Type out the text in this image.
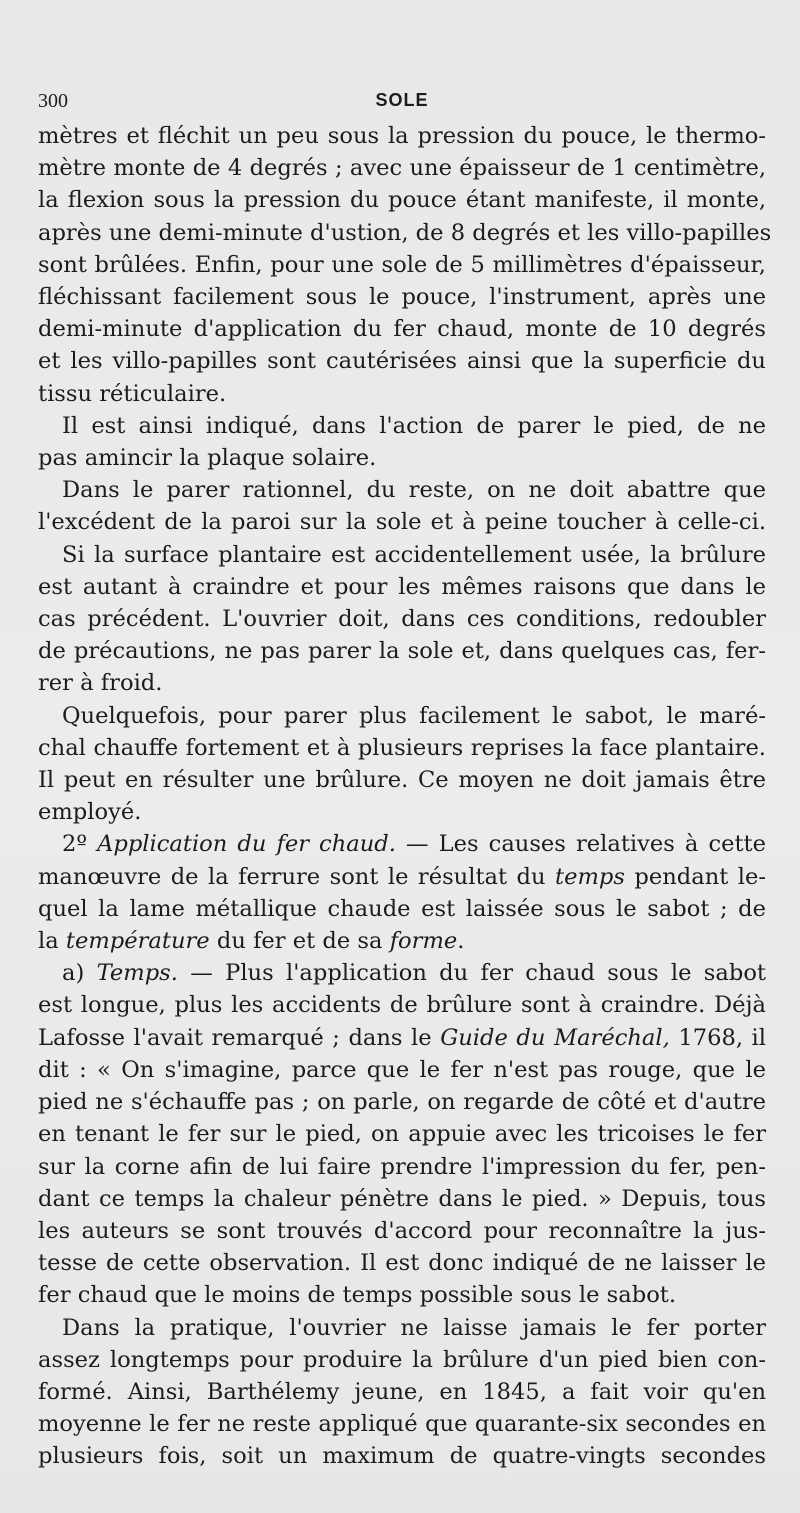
300	SOLE

mètres et fléchit un peu sous la pression du pouce, le thermo-
mètre monte de 4 degrés ; avec une épaisseur de 1 centimètre,
la flexion sous la pression du pouce étant manifeste, il monte,
après une demi-minute d'ustion, de 8 degrés et les villo-papilles
sont brûlées. Enfin, pour une sole de 5 millimètres d'épaisseur,
fléchissant facilement sous le pouce, l'instrument, après une
demi-minute d'application du fer chaud, monte de 10 degrés
et les villo-papilles sont cautérisées ainsi que la superficie du
tissu réticulaire.

Il est ainsi indiqué, dans l'action de parer le pied, de ne
pas amincir la plaque solaire.

Dans le parer rationnel, du reste, on ne doit abattre que
l'excédent de la paroi sur la sole et à peine toucher à celle-ci.

Si la surface plantaire est accidentellement usée, la brûlure
est autant à craindre et pour les mêmes raisons que dans le
cas précédent. L'ouvrier doit, dans ces conditions, redoubler
de précautions, ne pas parer la sole et, dans quelques cas, fer-
rer à froid.

Quelquefois, pour parer plus facilement le sabot, le maré-
chal chauffe fortement et à plusieurs reprises la face plantaire.
Il peut en résulter une brûlure. Ce moyen ne doit jamais être
employé.

2º Application du fer chaud. — Les causes relatives à cette
manœuvre de la ferrure sont le résultat du temps pendant le-
quel la lame métallique chaude est laissée sous le sabot ; de
la température du fer et de sa forme.

a) Temps. — Plus l'application du fer chaud sous le sabot
est longue, plus les accidents de brûlure sont à craindre. Déjà
Lafosse l'avait remarqué ; dans le Guide du Maréchal, 1768, il
dit : « On s'imagine, parce que le fer n'est pas rouge, que le
pied ne s'échauffe pas ; on parle, on regarde de côté et d'autre
en tenant le fer sur le pied, on appuie avec les tricoises le fer
sur la corne afin de lui faire prendre l'impression du fer, pen-
dant ce temps la chaleur pénètre dans le pied. » Depuis, tous
les auteurs se sont trouvés d'accord pour reconnaître la jus-
tesse de cette observation. Il est donc indiqué de ne laisser le
fer chaud que le moins de temps possible sous le sabot.

Dans la pratique, l'ouvrier ne laisse jamais le fer porter
assez longtemps pour produire la brûlure d'un pied bien con-
formé. Ainsi, Barthélemy jeune, en 1845, a fait voir qu'en
moyenne le fer ne reste appliqué que quarante-six secondes en
plusieurs fois, soit un maximum de quatre-vingts secondes
